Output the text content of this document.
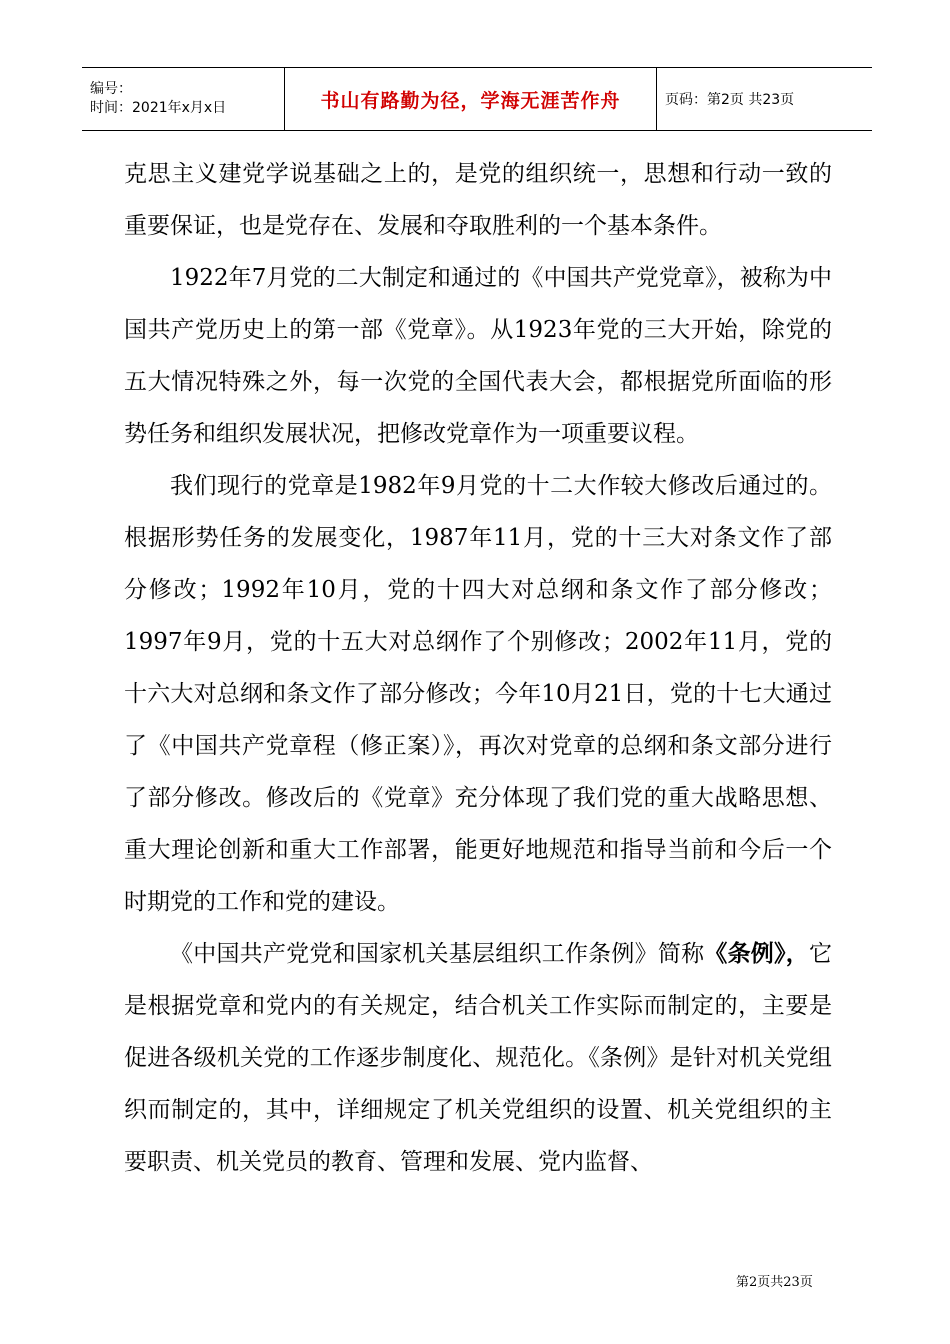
编号：
时间：2021年x月x日	书山有路勤为径，学海无涯苦作舟	页码：第2页 共23页

克思主义建党学说基础之上的，是党的组织统一，思想和行动一致的重要保证，也是党存在、发展和夺取胜利的一个基本条件。

1922年7月党的二大制定和通过的《中国共产党党章》，被称为中国共产党历史上的第一部《党章》。从1923年党的三大开始，除党的五大情况特殊之外，每一次党的全国代表大会，都根据党所面临的形势任务和组织发展状况，把修改党章作为一项重要议程。

我们现行的党章是1982年9月党的十二大作较大修改后通过的。根据形势任务的发展变化，1987年11月，党的十三大对条文作了部分修改；1992年10月，党的十四大对总纲和条文作了部分修改；1997年9月，党的十五大对总纲作了个别修改；2002年11月，党的十六大对总纲和条文作了部分修改；今年10月21日，党的十七大通过了《中国共产党章程（修正案）》，再次对党章的总纲和条文部分进行了部分修改。修改后的《党章》充分体现了我们党的重大战略思想、重大理论创新和重大工作部署，能更好地规范和指导当前和今后一个时期党的工作和党的建设。

《中国共产党党和国家机关基层组织工作条例》简称《条例》，它是根据党章和党内的有关规定，结合机关工作实际而制定的，主要是促进各级机关党的工作逐步制度化、规范化。《条例》是针对机关党组织而制定的，其中，详细规定了机关党组织的设置、机关党组织的主要职责、机关党员的教育、管理和发展、党内监督、

第2页共23页
